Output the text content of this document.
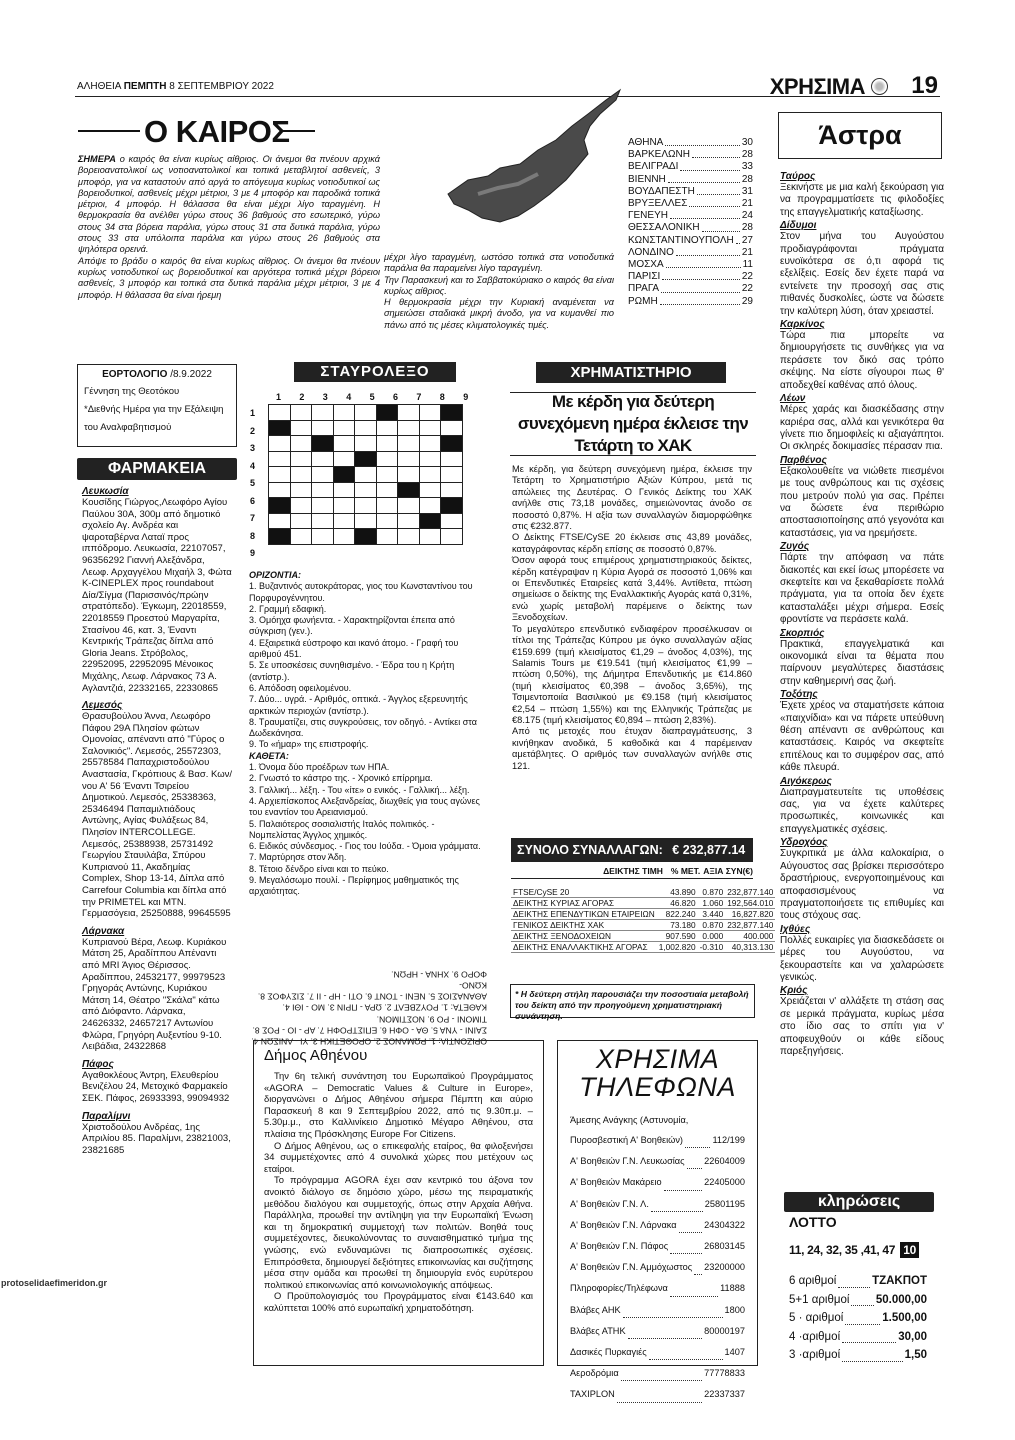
ΑΛΗΘΕΙΑ ΠΕΜΠΤΗ 8 ΣΕΠΤΕΜΒΡΙΟΥ 2022	ΧΡΗΣΙΜΑ 19
Ο ΚΑΙΡΟΣ
ΣΗΜΕΡΑ ο καιρός θα είναι κυρίως αίθριος. Οι άνεμοι θα πνέουν αρχικά βορειοανατολικοί ως νοτιοανατολικοί και τοπικά μεταβλητοί ασθενείς, 3 μποφόρ, για να καταστούν από αργά το απόγευμα κυρίως νοτιοδυτικοί ως βορειοδυτικοί, ασθενείς μέχρι μέτριοι, 3 με 4 μποφόρ και παροδικά τοπικά μέτριοι, 4 μποφόρ. Η θάλασσα θα είναι μέχρι λίγο ταραγμένη. Η θερμοκρασία θα ανέλθει γύρω στους 36 βαθμούς στο εσωτερικό, γύρω στους 34 στα βόρεια παράλια, γύρω στους 31 στα δυτικά παράλια, γύρω στους 33 στα υπόλοιπα παράλια και γύρω στους 26 βαθμούς στα ψηλότερα ορεινά.
Απόψε το βράδυ ο καιρός θα είναι κυρίως αίθριος. Οι άνεμοι θα πνέουν κυρίως νοτιοδυτικοί ως βορειοδυτικοί και αργότερα τοπικά μέχρι βόρειοι ασθενείς, 3 μποφόρ και τοπικά στα δυτικά παράλια μέχρι μέτριοι, 3 με 4 μποφόρ. Η θάλασσα θα είναι ήρεμη
μέχρι λίγο ταραγμένη, ωστόσο τοπικά στα νοτιοδυτικά παράλια θα παραμείνει λίγο ταραγμένη.
Την Παρασκευή και το Σαββατοκύριακο ο καιρός θα είναι κυρίως αίθριος.
Η θερμοκρασία μέχρι την Κυριακή αναμένεται να σημειώσει σταδιακά μικρή άνοδο, για να κυμανθεί πιο πάνω από τις μέσες κλιματολογικές τιμές.
ΑΘΗΝΑ	30
ΒΑΡΚΕΛΩΝΗ	28
ΒΕΛΙΓΡΑΔΙ	33
ΒΙΕΝΝΗ	28
ΒΟΥΔΑΠΕΣΤΗ	31
ΒΡΥΞΕΛΛΕΣ	21
ΓΕΝΕΥΗ	24
ΘΕΣΣΑΛΟΝΙΚΗ	28
ΚΩΝΣΤΑΝΤΙΝΟΥΠΟΛΗ 27
ΛΟΝΔΙΝΟ	21
ΜΟΣΧΑ	11
ΠΑΡΙΣΙ	22
ΠΡΑΓΑ	22
ΡΩΜΗ	29
Άστρα
Ταύρος

Ξεκινήστε με μια καλή ξεκούραση για να προγραμματίσετε τις φιλοδοξίες της επαγγελματικής καταξίωσης.

Δίδυμοι

Στον μήνα του Αυγούστου προδιαγράφονται πράγματα ευνοϊκότερα σε ό,τι αφορά τις εξελίξεις. Εσείς δεν έχετε παρά να εντείνετε την προσοχή σας στις πιθανές δυσκολίες, ώστε να δώσετε την καλύτερη λύση, όταν χρειαστεί.

Καρκίνος

Τώρα πια μπορείτε να δημιουργήσετε τις συνθήκες για να περάσετε τον δικό σας τρόπο σκέψης. Να είστε σίγουροι πως θ' αποδεχθεί καθένας από όλους.

Λέων

Μέρες χαράς και διασκέδασης στην καριέρα σας, αλλά και γενικότερα θα γίνετε πιο δημοφιλείς κι αξιαγάπητοι. Οι σκληρές δοκιμασίες πέρασαν πια.

Παρθένος

Εξακολουθείτε να νιώθετε πιεσμένοι με τους ανθρώπους και τις σχέσεις που μετρούν πολύ για σας. Πρέπει να δώσετε ένα περιθώριο αποστασιοποίησης από γεγονότα και καταστάσεις, για να ηρεμήσετε.

Ζυγός

Πάρτε την απόφαση να πάτε διακοπές και εκεί ίσως μπορέσετε να σκεφτείτε και να ξεκαθαρίσετε πολλά πράγματα, για τα οποία δεν έχετε κατασταλάξει μέχρι σήμερα. Εσείς φροντίστε να περάσετε καλά.

Σκορπιός

Πρακτικά, επαγγελματικά και οικονομικά είναι τα θέματα που παίρνουν μεγαλύτερες διαστάσεις στην καθημερινή σας ζωή.

Τοξότης

Έχετε χρέος να σταματήσετε κάποια «παιχνίδια» και να πάρετε υπεύθυνη θέση απέναντι σε ανθρώπους και καταστάσεις. Καιρός να σκεφτείτε επιτέλους και το συμφέρον σας, από κάθε πλευρά.

Αιγόκερως

Διαπραγματευτείτε τις υποθέσεις σας, για να έχετε καλύτερες προσωπικές, κοινωνικές και επαγγελματικές σχέσεις.

Υδροχόος

Συγκριτικά με άλλα καλοκαίρια, ο Αύγουστος σας βρίσκει περισσότερο δραστήριους, ενεργοποιημένους και αποφασισμένους να πραγματοποιήσετε τις επιθυμίες και τους στόχους σας.

Ιχθύες

Πολλές ευκαιρίες για διασκεδάσετε οι μέρες του Αυγούστου, να ξεκουραστείτε και να χαλαρώσετε γενικώς.

Κριός

Χρειάζεται ν' αλλάξετε τη στάση σας σε μερικά πράγματα, κυρίως μέσα στο ίδιο σας το σπίτι για ν' αποφευχθούν οι κάθε είδους παρεξηγήσεις.

ΕΟΡΤΟΛΟΓΙΟ /8.9.2022
Γέννηση της Θεοτόκου
*Διεθνής Ημέρα για την Εξάλειψη
του Αναλφαβητισμού
ΦΑΡΜΑΚΕΙΑ
Λευκωσία

Κουσίδης Γιώργος,Λεωφόρο Αγίου Παύλου 30Α, 300μ από δημοτικό σχολείο Αγ. Ανδρέα και ψαροταβέρνα Λαταϊ προς ιππόδρομο. Λευκωσία, 22107057, 96356292 Γιαννή Αλεξάνδρα, Λεωφ. Αρχαγγέλου Μιχαήλ 3, Φώτα K-CINEPLEX προς roundabout Δία/Σίγμα (Παρισσινός/πρώην στρατόπεδο). Έγκωμη, 22018559, 22018559 Προεστού Μαργαρίτα, Στασίνου 46, κατ. 3, Έναντι Κεντρικής Τράπεζας δίπλα από Gloria Jeans. Στρόβολος, 22952095, 22952095 Μένοικος Μιχάλης, Λεωφ. Λάρνακος 73 Α. Αγλαντζιά, 22332165, 22330865

Λεμεσός

Θρασυβούλου Άννα, Λεωφόρο Πάφου 29Α Πλησίον φώτων Ομονοίας, απέναντι από "Γύρος ο Σαλονικιός". Λεμεσός, 25572303, 25578584 Παπαχριστοδούλου Αναστασία, Γκρόπιους & Βασ. Κων/νου Α' 56 Έναντι Τσιρείου Δημοτικού. Λεμεσός, 25338363, 25346494 Παπαμιλτιάδους Αντώνης, Αγίας Φυλάξεως 84, Πλησίον INTERCOLLEGE. Λεμεσός, 25388938, 25731492 Γεωργίου Σταυιλάβα, Σπύρου Κυπριανού 11, Ακαδημίας Complex, Shop 13-14, Δίπλα από Carrefour Columbia και δίπλα από την PRIMETEL και MTN. Γερμασόγεια, 25250888, 99645595

Λάρνακα

Κυπριανού Βέρα, Λεωφ. Κυριάκου Μάτση 25, Αραδίππου Απέναντι από MRI Άγιος Θέρισσος. Αραδίππου, 24532177, 99979523 Γρηγοράς Αντώνης, Κυριάκου Μάτση 14, Θέατρο "Σκάλα" κάτω από Διόφαντο. Λάρνακα, 24626332, 24657217 Αντωνίου Φλώρα, Γρηγόρη Αυξεντίου 9-10. Λειβάδια, 24322868

Πάφος

Αγαθοκλέους Άντρη, Ελευθερίου Βενιζέλου 24, Μετοχικό Φαρμακείο ΣΕΚ. Πάφος, 26933393, 99094932

Παραλίμνι

Χριστοδούλου Ανδρέας, 1ης Απριλίου 85. Παραλίμνι, 23821003, 23821685

protoselidaefimeridon.gr
ΣΤΑΥΡΟΛΕΞΟ
1 2 3 4 5 6 7 8 9
1
2
3
4
5
6
7
8
9

ΟΡΙΖΟΝΤΙΑ:
1. Βυζαντινός αυτοκράτορας, γιος του Κωνσταντίνου του Πορφυρογέννητου.
2. Γραμμή εδαφική.
3. Ομόηχα φωνήεντα. - Χαρακτηρίζονται έπειτα από σύγκριση (γεν.).
4. Εξαιρετικά εύστροφο και ικανό άτομο. - Γραφή του αριθμού 451.
5. Σε υποσκέσεις συνηθισμένο. - Έδρα του η Κρήτη (αντίστρ.).
6. Απόδοση οφειλομένου.
7. Δύο... υγρά. - Αριθμός, οπτικά. - Άγγλος εξερευνητής αρκτικών περιοχών (αντίστρ.).
8. Τραυματίζει, στις συγκρούσεις, τον οδηγό. - Αντίκει στα Δωδεκάνησα.
9. Το «ήμαρ» της επιστροφής.
ΚΑΘΕΤΑ:
1. Όνομα δύο προέδρων των ΗΠΑ.
2. Γνωστό το κάστρο της. - Χρονικό επίρρημα.
3. Γαλλική... λέξη. - Του «ίτε» ο ενικός. - Γαλλική... λέξη.
4. Αρχιεπίσκοπος Αλεξανδρείας, διωχθείς για τους αγώνες του εναντίον του Αρειανισμού.
5. Παλαιότερος σοσιαλιστής Ιταλός πολιτικός. - Νομπελίστας Άγγλος χημικός.
6. Ειδικός σύνδεσμος. - Γιος του Ιούδα. - Όμοια γράμματα.
7. Μαρτύρησε στον Άδη.
8. Τέτοιο δένδρο είναι και το πεύκο.
9. Μεγαλόσωμο πουλί. - Περίφημος μαθηματικός της αρχαιότητας.
ΟΡΙΖΟΝΤΙΑ: 1. ΡΩΜΑΝΟΣ 2. ΟΡΟΘΕΤΙΚΗ 3. ΥΙ - ΑΝΙΣΩΝ 4. ΣΑΙΝΙ - ΥΝΑ 5. ΘΑ - ΟΦΗ 6. ΕΠΙΣΤΡΟΦΗ 7. ΑΡ - ΙΟ - ΡΟΣ 8.
ΤΙΜΟΝΙ - ΡΟ 9. ΝΟΣΤΙΜΟΝ.
ΚΑΘΕΤΑ: 1. ΡΟΥΖΒΕΛΤ 2. ΩΡΑ - ΠΡΙΝ 3. ΜΟ - ΙΘΙ 4. ΑΘΑΝΑΣΙΟΣ 5. ΝΕΝΙ - ΤΟΝΤ 6. ΟΤΙ - ΗΡ - ΙΙ 7. ΣΙΣΥΦΟΣ 8. ΚΩΝΟ-
ΦΟΡΟ 9. ΧΗΝΑ - ΗΡΩΝ.
ΧΡΗΜΑΤΙΣΤΗΡΙΟ
Με κέρδη για δεύτερη συνεχόμενη ημέρα έκλεισε την Τετάρτη το ΧΑΚ
Με κέρδη, για δεύτερη συνεχόμενη ημέρα, έκλεισε την Τετάρτη το Χρηματιστήριο Αξιών Κύπρου, μετά τις απώλειες της Δευτέρας. Ο Γενικός Δείκτης του ΧΑΚ ανήλθε στις 73,18 μονάδες, σημειώνοντας άνοδο σε ποσοστό 0,87%. Η αξία των συναλλαγών διαμορφώθηκε στις €232.877.
Ο Δείκτης FTSE/CySE 20 έκλεισε στις 43,89 μονάδες, καταγράφοντας κέρδη επίσης σε ποσοστό 0,87%.
Όσον αφορά τους επιμέρους χρηματιστηριακούς δείκτες, κέρδη κατέγραψαν η Κύρια Αγορά σε ποσοστό 1,06% και οι Επενδυτικές Εταιρείες κατά 3,44%. Αντίθετα, πτώση σημείωσε ο δείκτης της Εναλλακτικής Αγοράς κατά 0,31%, ενώ χωρίς μεταβολή παρέμεινε ο δείκτης των Ξενοδοχείων.
Το μεγαλύτερο επενδυτικό ενδιαφέρον προσέλκυσαν οι τίτλοι της Τράπεζας Κύπρου με όγκο συναλλαγών αξίας €159.699 (τιμή κλεισίματος €1,29 – άνοδος 4,03%), της Salamis Tours με €19.541 (τιμή κλεισίματος €1,99 – πτώση 0,50%), της Δήμητρα Επενδυτικής με €14.860 (τιμή κλεισίματος €0,398 – άνοδος 3,65%), της Τσιμεντοποιία Βασιλικού με €9.158 (τιμή κλεισίματος €2,54 – πτώση 1,55%) και της Ελληνικής Τράπεζας με €8.175 (τιμή κλεισίματος €0,894 – πτώση 2,83%).
Από τις μετοχές που έτυχαν διαπραγμάτευσης, 3 κινήθηκαν ανοδικά, 5 καθοδικά και 4 παρέμειναν αμετάβλητες. Ο αριθμός των συναλλαγών ανήλθε στις 121.
ΣΥΝΟΛΟ ΣΥΝΑΛΛΑΓΩΝ: € 232,877.14
ΔΕΙΚΤΗΣ ΤΙΜΗ % ΜΕΤ. ΑΞΙΑ ΣΥΝ(€)
FTSE/CySE 20	43.890	0.870	232,877.140
ΔΕΙΚΤΗΣ ΚΥΡΙΑΣ ΑΓΟΡΑΣ	46.820	1.060	192,564.010
ΔΕΙΚΤΗΣ ΕΠΕΝΔΥΤΙΚΩΝ ΕΤΑΙΡΕΙΩΝ	822.240	3.440	16,827.820
ΓΕΝΙΚΟΣ ΔΕΙΚΤΗΣ ΧΑΚ	73.180	0.870	232,877.140
ΔΕΙΚΤΗΣ ΞΕΝΟΔΟΧΕΙΩΝ	907.590	0.000	400.000
ΔΕΙΚΤΗΣ ΕΝΑΛΛΑΚΤΙΚΗΣ ΑΓΟΡΑΣ	1,002.820	-0.310	40,313.130
* Η δεύτερη στήλη παρουσιάζει την ποσοστιαία μεταβολή του δείκτη από την προηγούμενη χρηματιστηριακή συνάντηση.
Δήμος Αθηένου

Την 6η τελική συνάντηση του Ευρωπαϊκού Προγράμματος «AGORA – Democratic Values & Culture in Europe», διοργανώνει ο Δήμος Αθηένου σήμερα Πέμπτη και αύριο Παρασκευή 8 και 9 Σεπτεμβρίου 2022, από τις 9.30π.μ. – 5.30μ.μ., στο Καλλινίκειο Δημοτικό Μέγαρο Αθηένου, στα πλαίσια της Πρόσκλησης Europe For Citizens.

Ο Δήμος Αθηένου, ως ο επικεφαλής εταίρος, θα φιλοξενήσει 34 συμμετέχοντες από 4 συνολικά χώρες που μετέχουν ως εταίροι.

Το πρόγραμμα AGORA έχει σαν κεντρικό του άξονα τον ανοικτό διάλογο σε δημόσιο χώρο, μέσω της πειραματικής μεθόδου διαλόγου και συμμετοχής, όπως στην Αρχαία Αθήνα. Παράλληλα, προωθεί την αντίληψη για την Ευρωπαϊκή Ένωση και τη δημοκρατική συμμετοχή των πολιτών. Βοηθά τους συμμετέχοντες, διευκολύνοντας το συναισθηματικό τμήμα της γνώσης, ενώ ενδυναμώνει τις διαπροσωπικές σχέσεις. Επιπρόσθετα, δημιουργεί δεξιότητες επικοινωνίας και συζήτησης μέσα στην ομάδα και προωθεί τη δημιουργία ενός ευρύτερου πολιτικού επικοινωνίας από κοινωνιολογικής απόψεως.

Ο Προϋπολογισμός του Προγράμματος είναι €143.640 και καλύπτεται 100% από ευρωπαϊκή χρηματοδότηση.

ΧΡΗΣΙΜΑ
ΤΗΛΕΦΩΝΑ
Άμεσης Ανάγκης (Αστυνομία,
Πυροσβεστική Α' Βοηθειών)	112/199
Α' Βοηθειών Γ.Ν. Λευκωσίας 22604009
Α' Βοηθειών Μακάρειο	22405000
Α' Βοηθειών Γ.Ν. Λ.	25801195
Α' Βοηθειών Γ.Ν. Λάρνακα	24304322
Α' Βοηθειών Γ.Ν. Πάφος	26803145
Α' Βοηθειών Γ.Ν. Αμμόχωστος 23200000
Πληροφορίες/Τηλέφωνα	11888
Βλάβες ΑΗΚ	1800
Βλάβες ΑΤΗΚ	80000197
Δασικές Πυρκαγιές	1407
Αεροδρόμια	77778833
TAXIPLON	22337337
κληρώσεις
ΛΟΤΤΟ
11, 24, 32, 35 ,41, 47 10
6 αριθμοί	ΤΖΑΚΠΟΤ
5+1 αριθμοί 50.000,00
5 · αριθμοί	1.500,00
4 ·αριθμοί	30,00
3 ·αριθμοί	1,50
